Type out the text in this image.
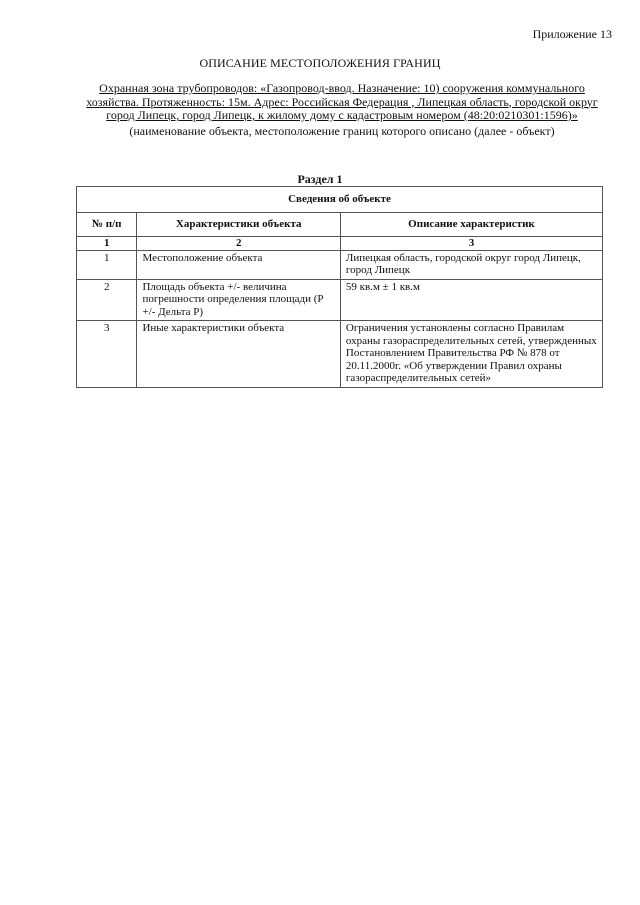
Приложение 13
ОПИСАНИЕ МЕСТОПОЛОЖЕНИЯ ГРАНИЦ
Охранная зона трубопроводов: «Газопровод-ввод. Назначение: 10) сооружения коммунального хозяйства. Протяженность: 15м. Адрес: Российская Федерация , Липецкая область, городской округ город Липецк, город Липецк, к жилому дому с кадастровым номером (48:20:0210301:1596)»
(наименование объекта, местоположение границ которого описано (далее - объект)
Раздел 1
Сведения об объекте		
№ п/п	Характеристики объекта	Описание характеристик
1	2	3
1	Местоположение объекта	Липецкая область, городской округ город Липецк, город Липецк
2	Площадь объекта +/- величина погрешности определения площади (Р +/- Дельта Р)	59 кв.м ± 1 кв.м
3	Иные характеристики объекта	Ограничения установлены согласно Правилам охраны газораспределительных сетей, утвержденных Постановлением Правительства РФ № 878 от 20.11.2000г. «Об утверждении Правил охраны газораспределительных сетей»
